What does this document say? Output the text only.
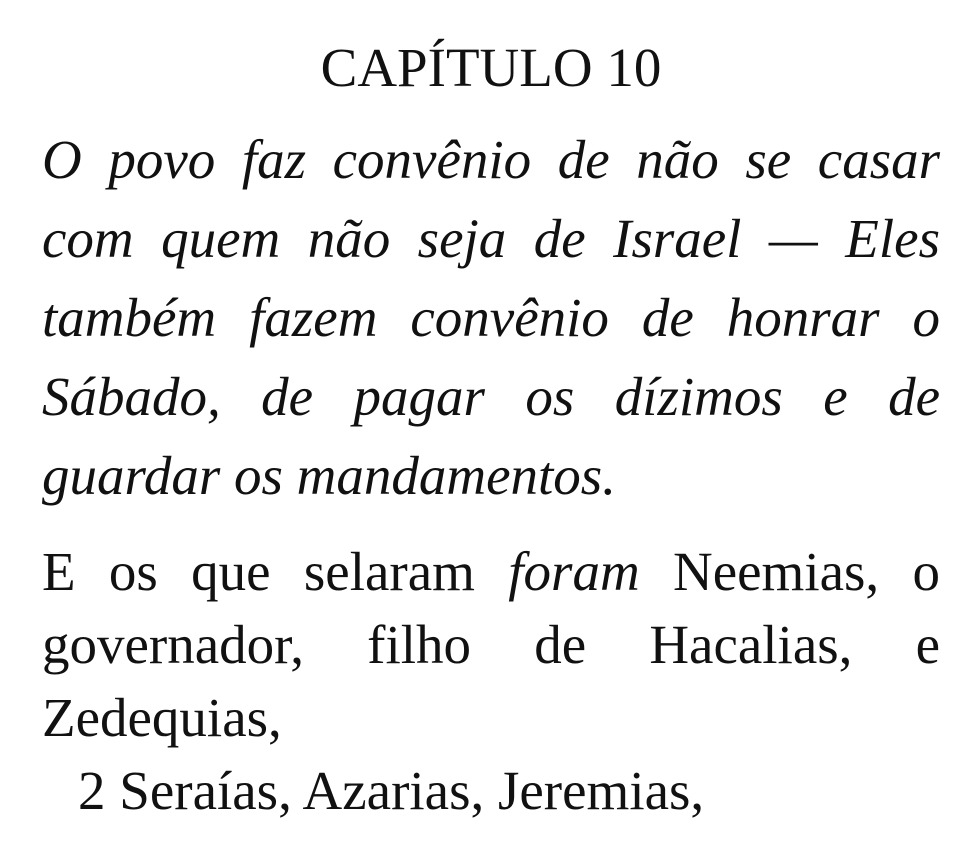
CAPÍTULO 10

O povo faz convênio de não se casar com quem não seja de Israel — Eles também fazem convênio de honrar o Sábado, de pagar os dízimos e de guardar os mandamentos.

E os que selaram foram Neemias, o governador, filho de Hacalias, e Zedequias,

2 Seraías, Azarias, Jeremias,
